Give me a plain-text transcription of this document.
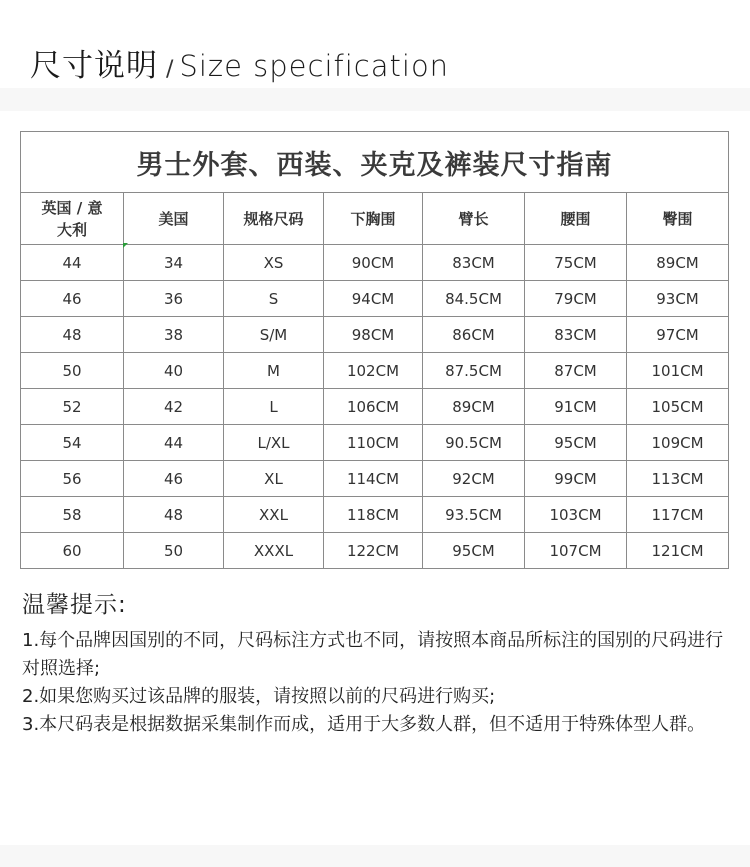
尺寸说明 / Size specification
男士外套、西装、夹克及裤装尺寸指南						
英国 / 意大利	美国	规格尺码	下胸围	臂长	腰围	臀围
44	34	XS	90CM	83CM	75CM	89CM
46	36	S	94CM	84.5CM	79CM	93CM
48	38	S/M	98CM	86CM	83CM	97CM
50	40	M	102CM	87.5CM	87CM	101CM
52	42	L	106CM	89CM	91CM	105CM
54	44	L/XL	110CM	90.5CM	95CM	109CM
56	46	XL	114CM	92CM	99CM	113CM
58	48	XXL	118CM	93.5CM	103CM	117CM
60	50	XXXL	122CM	95CM	107CM	121CM
温馨提示:

1.每个品牌因国别的不同，尺码标注方式也不同，请按照本商品所标注的国别的尺码进行对照选择;

2.如果您购买过该品牌的服装，请按照以前的尺码进行购买;

3.本尺码表是根据数据采集制作而成，适用于大多数人群，但不适用于特殊体型人群。
